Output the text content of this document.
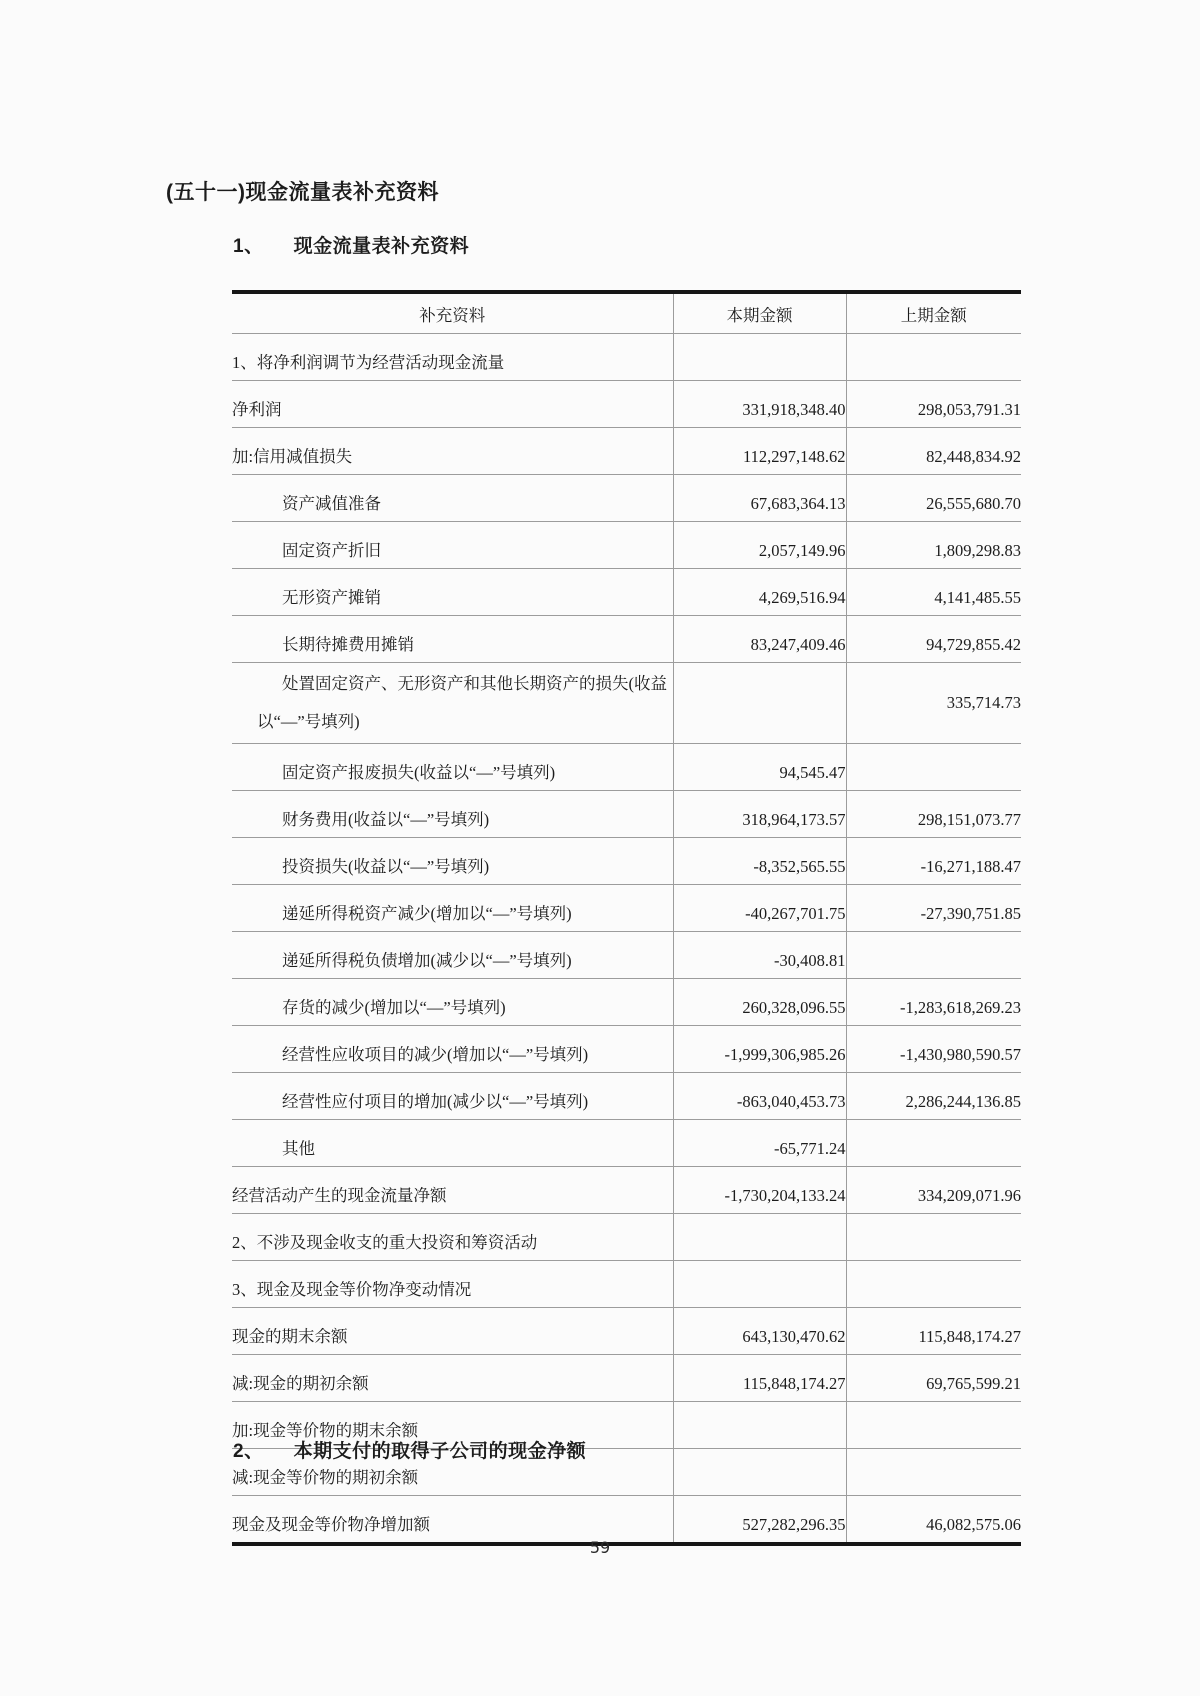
(五十一)现金流量表补充资料
1、 现金流量表补充资料
补充资料	本期金额	上期金额
1、将净利润调节为经营活动现金流量		
净利润	331,918,348.40	298,053,791.31
加:信用减值损失	112,297,148.62	82,448,834.92
资产减值准备	67,683,364.13	26,555,680.70
固定资产折旧	2,057,149.96	1,809,298.83
无形资产摊销	4,269,516.94	4,141,485.55
长期待摊费用摊销	83,247,409.46	94,729,855.42
处置固定资产、无形资产和其他长期资产的损失(收益以“—”号填列)		335,714.73
固定资产报废损失(收益以“—”号填列)	94,545.47	
财务费用(收益以“—”号填列)	318,964,173.57	298,151,073.77
投资损失(收益以“—”号填列)	-8,352,565.55	-16,271,188.47
递延所得税资产减少(增加以“—”号填列)	-40,267,701.75	-27,390,751.85
递延所得税负债增加(减少以“—”号填列)	-30,408.81	
存货的减少(增加以“—”号填列)	260,328,096.55	-1,283,618,269.23
经营性应收项目的减少(增加以“—”号填列)	-1,999,306,985.26	-1,430,980,590.57
经营性应付项目的增加(减少以“—”号填列)	-863,040,453.73	2,286,244,136.85
其他	-65,771.24	
经营活动产生的现金流量净额	-1,730,204,133.24	334,209,071.96
2、不涉及现金收支的重大投资和筹资活动		
3、现金及现金等价物净变动情况		
现金的期末余额	643,130,470.62	115,848,174.27
减:现金的期初余额	115,848,174.27	69,765,599.21
加:现金等价物的期末余额		
减:现金等价物的期初余额		
现金及现金等价物净增加额	527,282,296.35	46,082,575.06
2、 本期支付的取得子公司的现金净额
59
